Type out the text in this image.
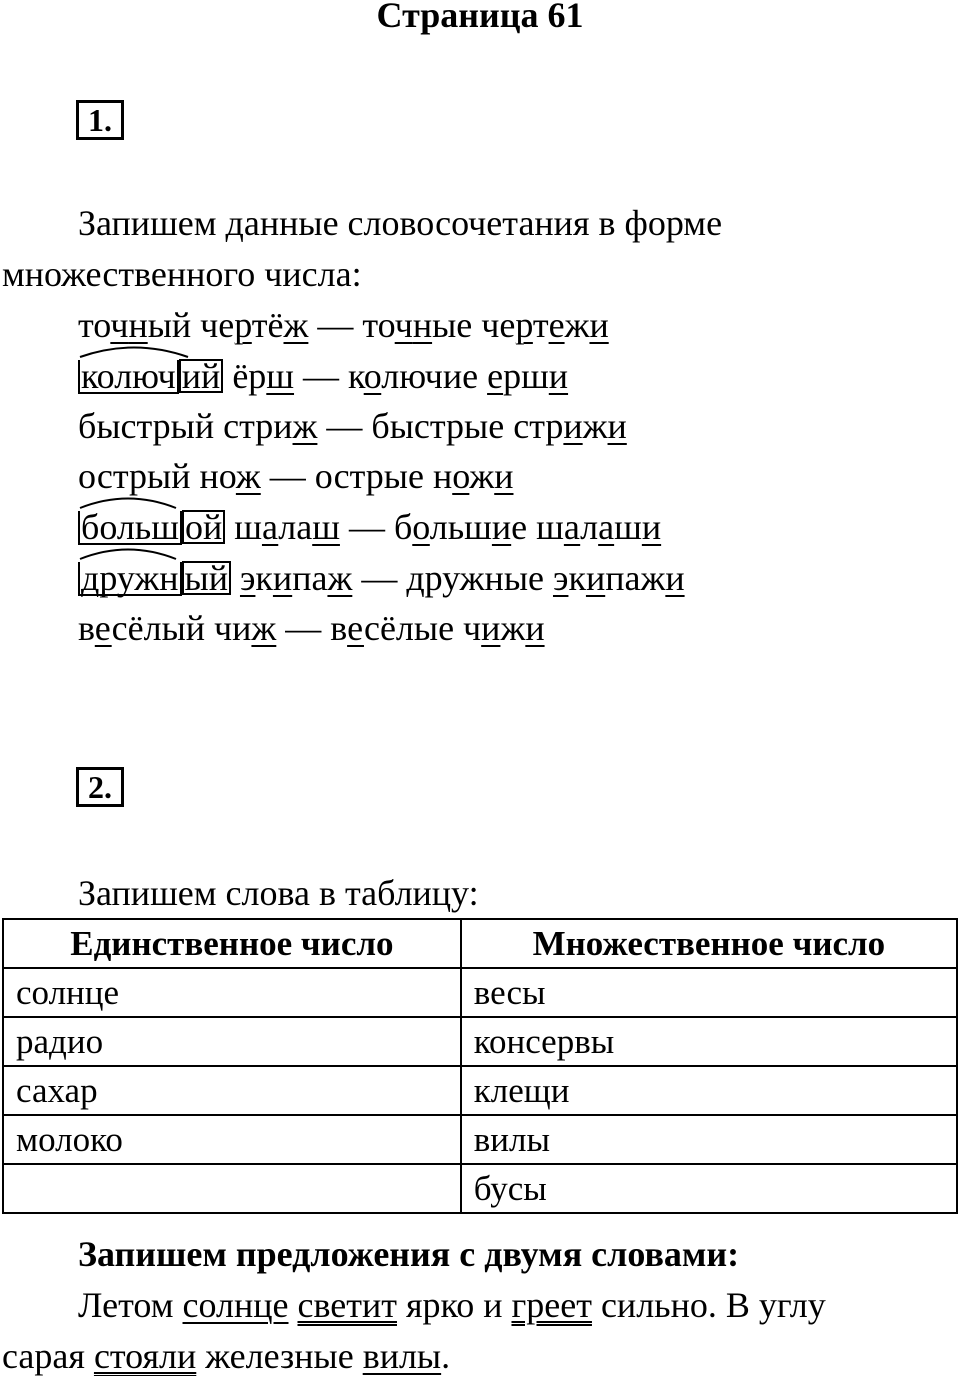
Страница 61
1.
Запишем данные словосочетания в форме
множественного числа:
точный чертёж — точные чертежи
колюч ий ёрш — колючие ерши
быстрый стриж — быстрые стрижи
острый нож — острые ножи
больш ой шалаш — большие шалаши
дружн ый экипаж — дружные экипажи
весёлый чиж — весёлые чижи
2.
Запишем слова в таблицу:
Единственное число	Множественное число
солнце	весы
радио	консервы
сахар	клещи
молоко	вилы
	бусы
Запишем предложения с двумя словами:
Летом солнце светит ярко и греет сильно. В углу
сарая стояли железные вилы.
